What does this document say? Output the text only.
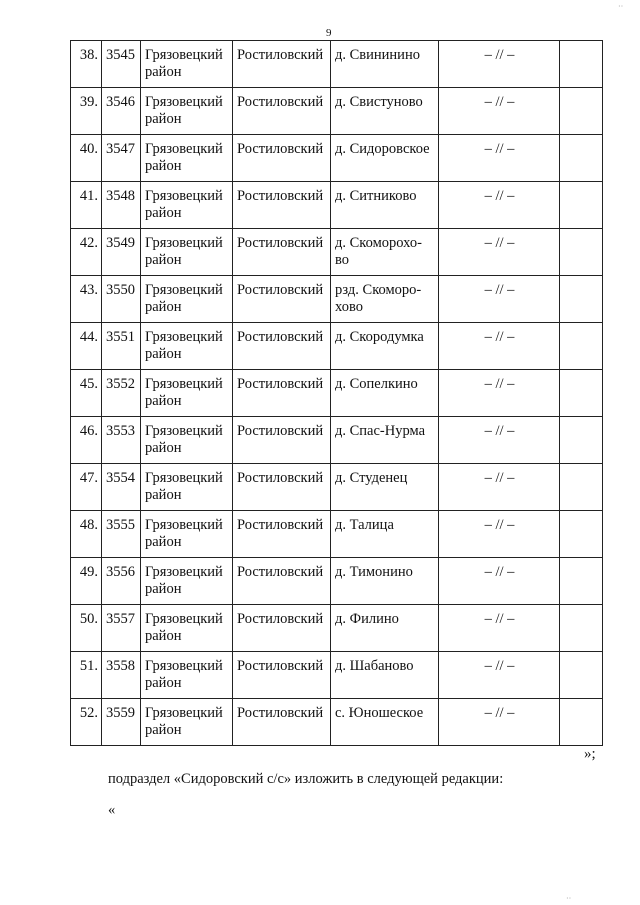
9
38.	3545	Грязовецкий район	Ростиловский	д. Свининино	– // –	
39.	3546	Грязовецкий район	Ростиловский	д. Свистуново	– // –	
40.	3547	Грязовецкий район	Ростиловский	д. Сидоровское	– // –	
41.	3548	Грязовецкий район	Ростиловский	д. Ситниково	– // –	
42.	3549	Грязовецкий район	Ростиловский	д. Скоморохо-во	– // –	
43.	3550	Грязовецкий район	Ростиловский	рзд. Скоморо-хово	– // –	
44.	3551	Грязовецкий район	Ростиловский	д. Скородумка	– // –	
45.	3552	Грязовецкий район	Ростиловский	д. Сопелкино	– // –	
46.	3553	Грязовецкий район	Ростиловский	д. Спас-Нурма	– // –	
47.	3554	Грязовецкий район	Ростиловский	д. Студенец	– // –	
48.	3555	Грязовецкий район	Ростиловский	д. Талица	– // –	
49.	3556	Грязовецкий район	Ростиловский	д. Тимонино	– // –	
50.	3557	Грязовецкий район	Ростиловский	д. Филино	– // –	
51.	3558	Грязовецкий район	Ростиловский	д. Шабаново	– // –	
52.	3559	Грязовецкий район	Ростиловский	с. Юношеское	– // –	
»;
подраздел «Сидоровский с/с» изложить в следующей редакции:
«
··
··
